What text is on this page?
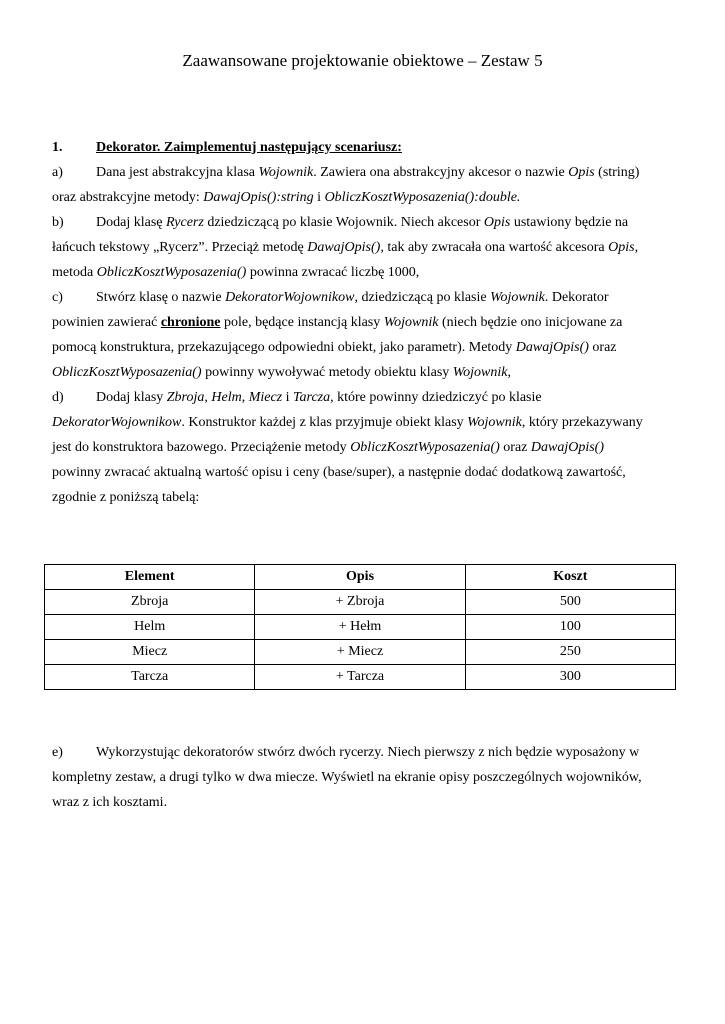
Zaawansowane projektowanie obiektowe – Zestaw 5
1. Dekorator. Zaimplementuj następujący scenariusz:
a) Dana jest abstrakcyjna klasa Wojownik. Zawiera ona abstrakcyjny akcesor o nazwie Opis (string)
oraz abstrakcyjne metody: DawajOpis():string i ObliczKosztWyposazenia():double.
b) Dodaj klasę Rycerz dziedziczącą po klasie Wojownik. Niech akcesor Opis ustawiony będzie na
łańcuch tekstowy „Rycerz”. Przeciąż metodę DawajOpis(), tak aby zwracała ona wartość akcesora Opis,
metoda ObliczKosztWyposazenia() powinna zwracać liczbę 1000,
c) Stwórz klasę o nazwie DekoratorWojownikow, dziedziczącą po klasie Wojownik. Dekorator
powinien zawierać chronione pole, będące instancją klasy Wojownik (niech będzie ono inicjowane za
pomocą konstruktura, przekazującego odpowiedni obiekt, jako parametr). Metody DawajOpis() oraz
ObliczKosztWyposazenia() powinny wywoływać metody obiektu klasy Wojownik,
d) Dodaj klasy Zbroja, Helm, Miecz i Tarcza, które powinny dziedziczyć po klasie
DekoratorWojownikow. Konstruktor każdej z klas przyjmuje obiekt klasy Wojownik, który przekazywany
jest do konstruktora bazowego. Przeciążenie metody ObliczKosztWyposazenia() oraz DawajOpis()
powinny zwracać aktualną wartość opisu i ceny (base/super), a następnie dodać dodatkową zawartość,
zgodnie z poniższą tabelą:
Element	Opis	Koszt
Zbroja	+ Zbroja	500
Helm	+ Hełm	100
Miecz	+ Miecz	250
Tarcza	+ Tarcza	300
e) Wykorzystując dekoratorów stwórz dwóch rycerzy. Niech pierwszy z nich będzie wyposażony w
kompletny zestaw, a drugi tylko w dwa miecze. Wyświetl na ekranie opisy poszczególnych wojowników,
wraz z ich kosztami.
